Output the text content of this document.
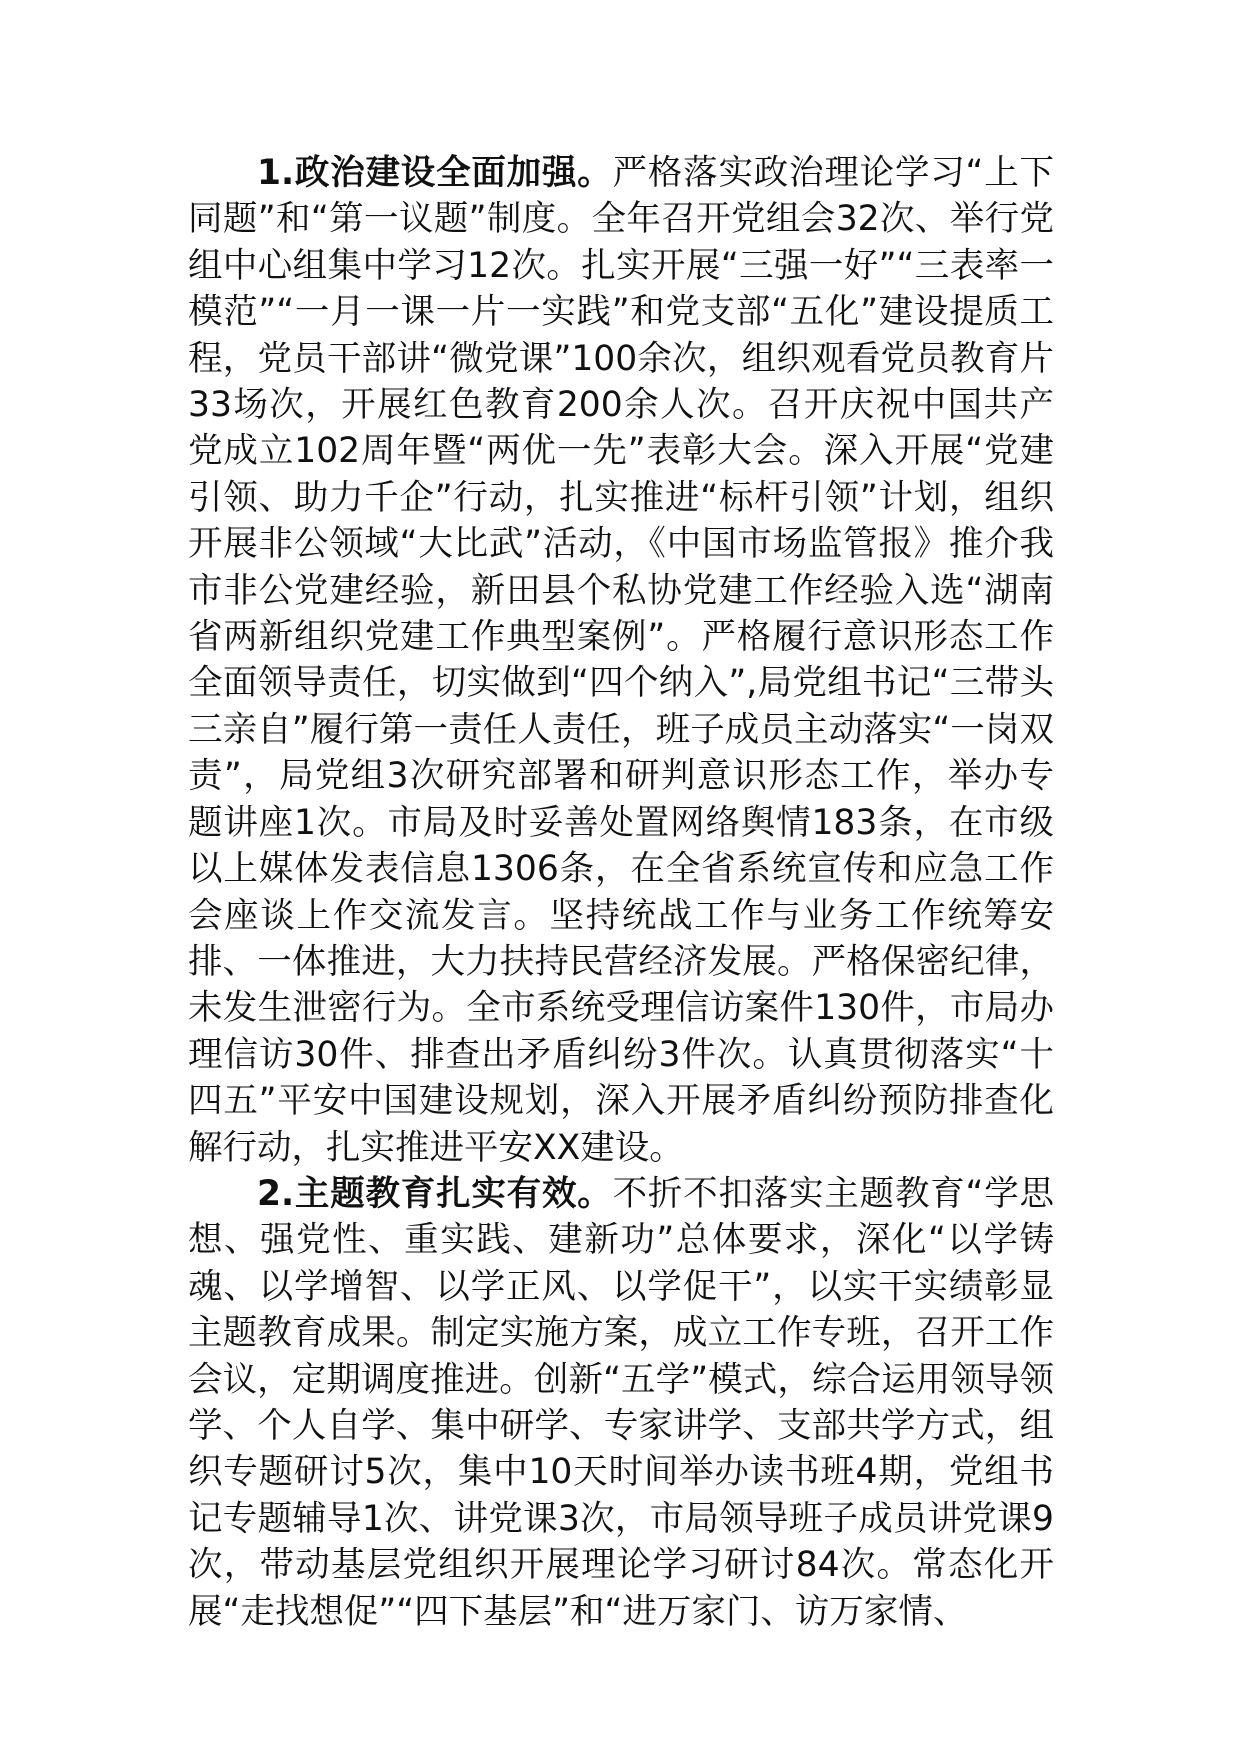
1.政治建设全面加强。严格落实政治理论学习“上下同题”和“第一议题”制度。全年召开党组会32次、举行党组中心组集中学习12次。扎实开展“三强一好”“三表率一模范”“一月一课一片一实践”和党支部“五化”建设提质工程，党员干部讲“微党课”100余次，组织观看党员教育片33场次，开展红色教育200余人次。召开庆祝中国共产党成立102周年暨“两优一先”表彰大会。深入开展“党建引领、助力千企”行动，扎实推进“标杆引领”计划，组织开展非公领域“大比武”活动，《中国市场监管报》推介我市非公党建经验，新田县个私协党建工作经验入选“湖南省两新组织党建工作典型案例”。严格履行意识形态工作全面领导责任，切实做到“四个纳入”,局党组书记“三带头三亲自”履行第一责任人责任，班子成员主动落实“一岗双责”，局党组3次研究部署和研判意识形态工作，举办专题讲座1次。市局及时妥善处置网络舆情183条，在市级以上媒体发表信息1306条，在全省系统宣传和应急工作会座谈上作交流发言。坚持统战工作与业务工作统筹安排、一体推进，大力扶持民营经济发展。严格保密纪律，未发生泄密行为。全市系统受理信访案件130件，市局办理信访30件、排查出矛盾纠纷3件次。认真贯彻落实“十四五”平安中国建设规划，深入开展矛盾纠纷预防排查化解行动，扎实推进平安XX建设。

2.主题教育扎实有效。不折不扣落实主题教育“学思想、强党性、重实践、建新功”总体要求，深化“以学铸魂、以学增智、以学正风、以学促干”，以实干实绩彰显主题教育成果。制定实施方案，成立工作专班，召开工作会议，定期调度推进。创新“五学”模式，综合运用领导领学、个人自学、集中研学、专家讲学、支部共学方式，组织专题研讨5次，集中10天时间举办读书班4期，党组书记专题辅导1次、讲党课3次，市局领导班子成员讲党课9次，带动基层党组织开展理论学习研讨84次。常态化开展“走找想促”“四下基层”和“进万家门、访万家情、
